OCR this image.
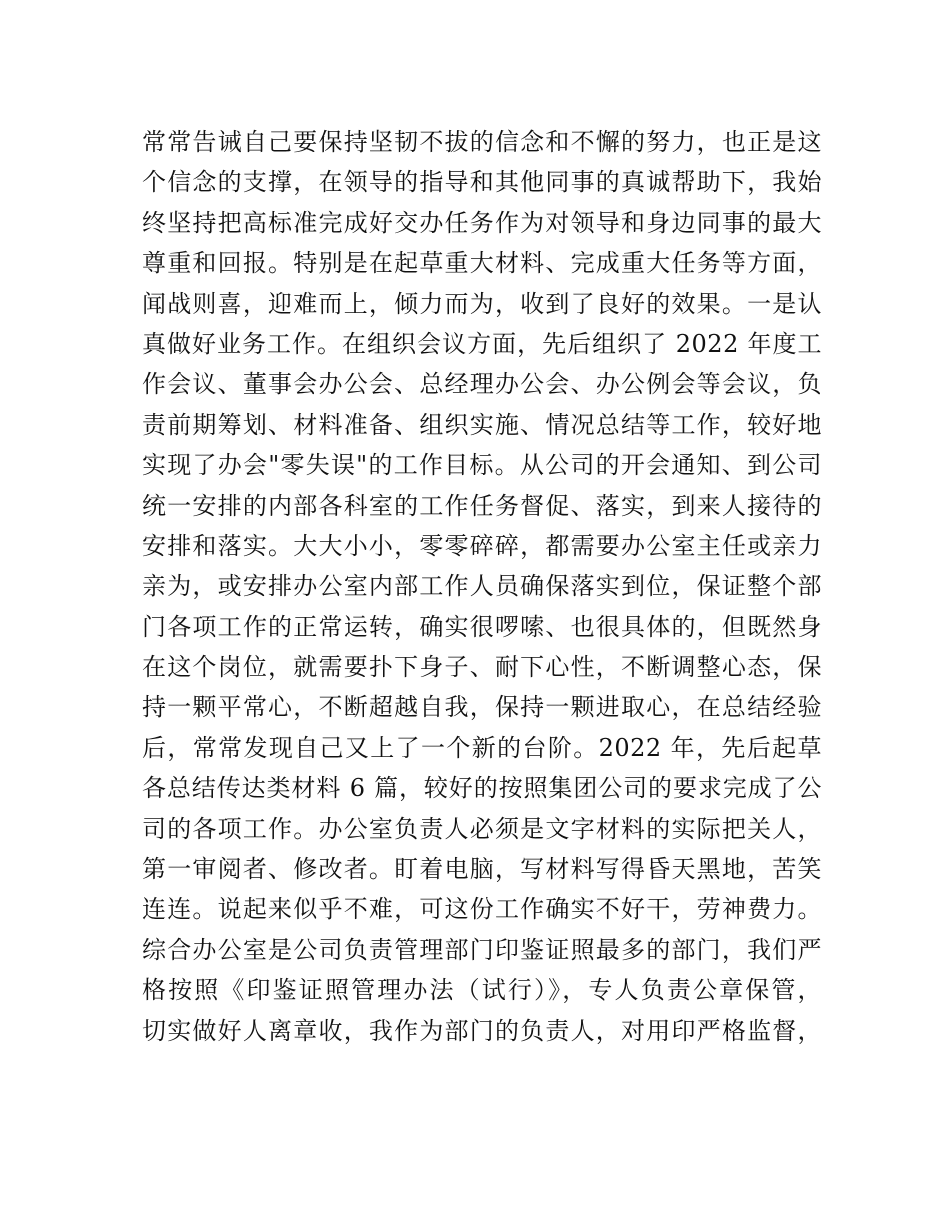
常常告诫自己要保持坚韧不拔的信念和不懈的努力，也正是这
个信念的支撑，在领导的指导和其他同事的真诚帮助下，我始
终坚持把高标准完成好交办任务作为对领导和身边同事的最大
尊重和回报。特别是在起草重大材料、完成重大任务等方面，
闻战则喜，迎难而上，倾力而为，收到了良好的效果。一是认
真做好业务工作。在组织会议方面，先后组织了 2022 年度工
作会议、董事会办公会、总经理办公会、办公例会等会议，负
责前期筹划、材料准备、组织实施、情况总结等工作，较好地
实现了办会"零失误"的工作目标。从公司的开会通知、到公司
统一安排的内部各科室的工作任务督促、落实，到来人接待的
安排和落实。大大小小，零零碎碎，都需要办公室主任或亲力
亲为，或安排办公室内部工作人员确保落实到位，保证整个部
门各项工作的正常运转，确实很啰嗦、也很具体的，但既然身
在这个岗位，就需要扑下身子、耐下心性，不断调整心态，保
持一颗平常心，不断超越自我，保持一颗进取心，在总结经验
后，常常发现自己又上了一个新的台阶。2022 年，先后起草
各总结传达类材料 6 篇，较好的按照集团公司的要求完成了公
司的各项工作。办公室负责人必须是文字材料的实际把关人，
第一审阅者、修改者。盯着电脑，写材料写得昏天黑地，苦笑
连连。说起来似乎不难，可这份工作确实不好干，劳神费力。
综合办公室是公司负责管理部门印鉴证照最多的部门，我们严
格按照《印鉴证照管理办法（试行）》，专人负责公章保管，
切实做好人离章收，我作为部门的负责人，对用印严格监督，
